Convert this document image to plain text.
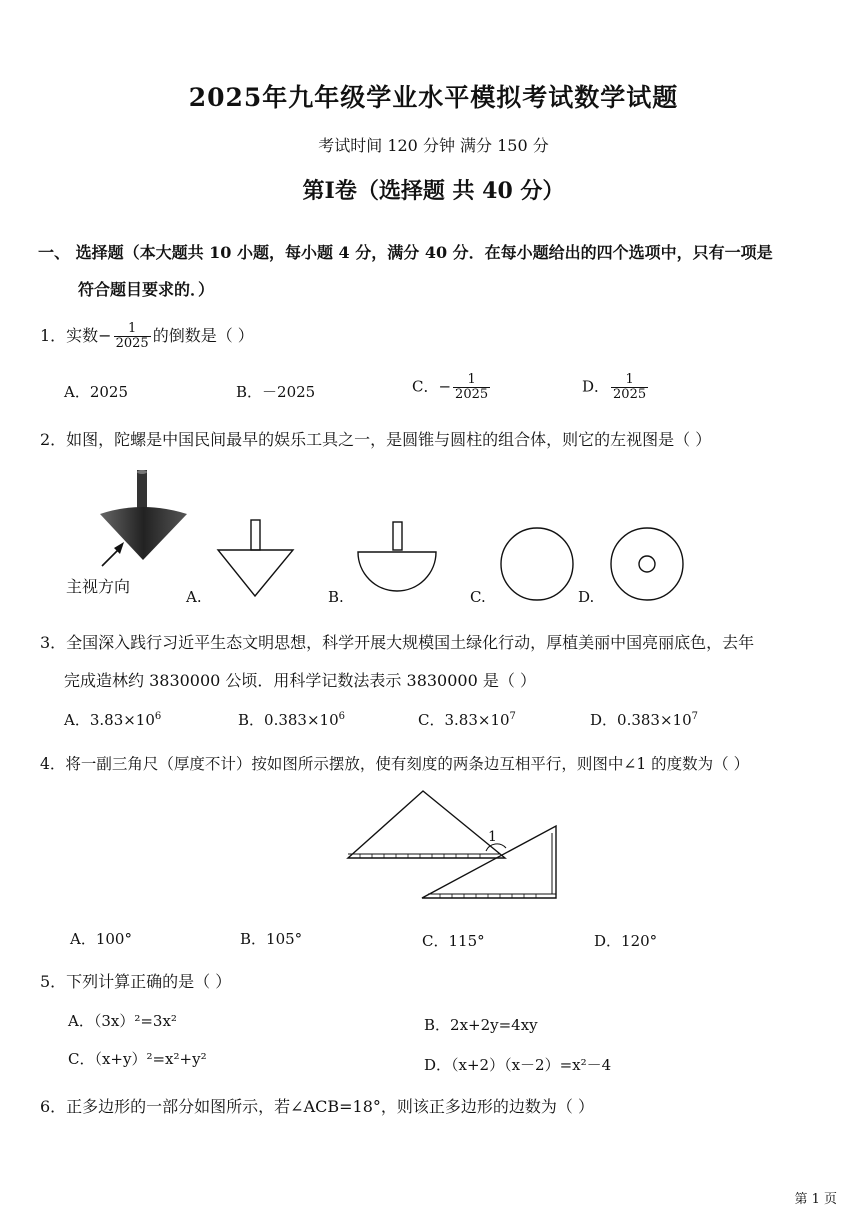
2025年九年级学业水平模拟考试数学试题
考试时间 120 分钟 满分 150 分
第Ⅰ卷（选择题 共 40 分）
一、 选择题（本大题共 10 小题，每小题 4 分，满分 40 分．在每小题给出的四个选项中，只有一项是
符合题目要求的．）
1．实数− $\frac{1}{2025}$ 的倒数是（ ）
A．2025	B．－2025	C．− $\frac{1}{2025}$	D． $\frac{1}{2025}$
2．如图，陀螺是中国民间最早的娱乐工具之一，是圆锥与圆柱的组合体，则它的左视图是（ ）
主视方向
A.	B.	C.	D.
3．全国深入践行习近平生态文明思想，科学开展大规模国土绿化行动，厚植美丽中国亮丽底色，去年
完成造林约 3830000 公顷．用科学记数法表示 3830000 是（ ）
A．$3.83\times 10^6$	B．$0.383\times 10^6$	C．$3.83\times 10^7$	D．$0.383\times 10^7$
4．将一副三角尺（厚度不计）按如图所示摆放，使有刻度的两条边互相平行，则图中∠1 的度数为（ ）
1
A．100°	B．105°	C．115°	D．120°
5．下列计算正确的是（ ）
A．（3x）²=3x²	B．2x+2y=4xy
C．（x+y）²=x²+y²	D．（x+2）（x－2）=x²－4
6．正多边形的一部分如图所示，若∠ACB=18°，则该正多边形的边数为（ ）
第 1 页
